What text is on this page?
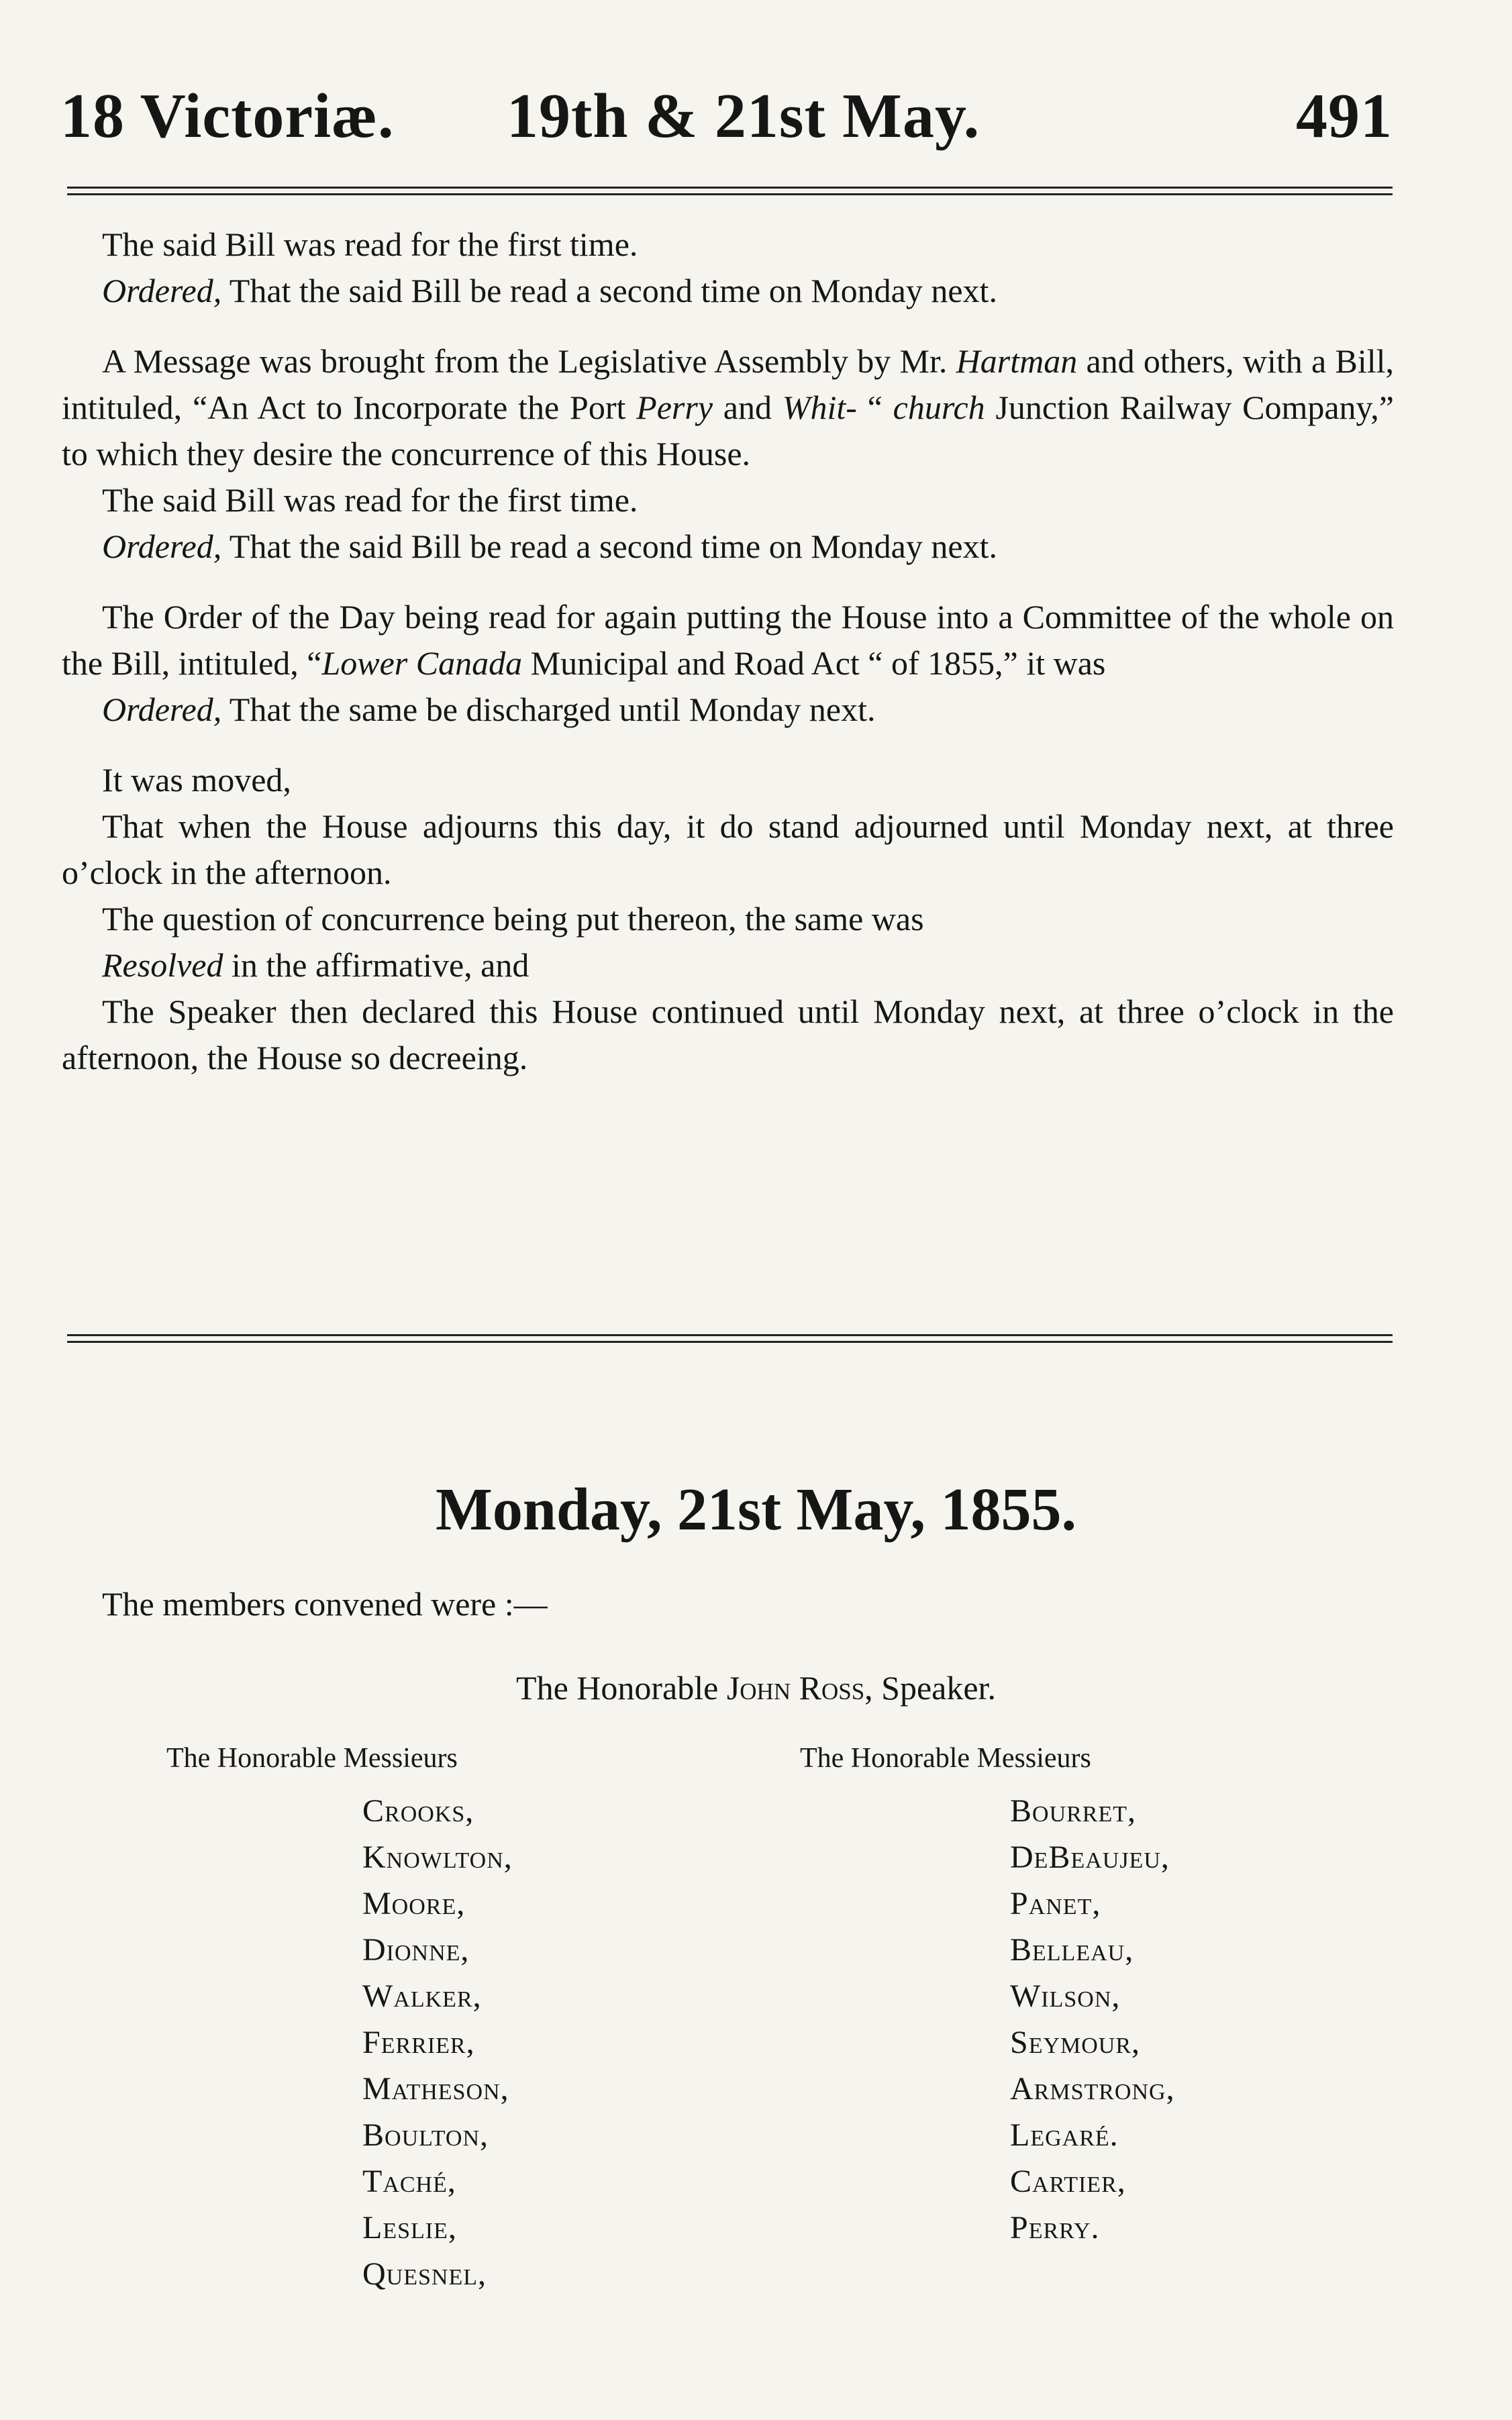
18 Victoriæ. 19th & 21st May.	491

The said Bill was read for the first time.

Ordered, That the said Bill be read a second time on Monday next.

A Message was brought from the Legislative Assembly by Mr. Hartman and others, with a Bill, intituled, “An Act to Incorporate the Port Perry and Whit- “ church Junction Railway Company,” to which they desire the concurrence of this House.

The said Bill was read for the first time.

Ordered, That the said Bill be read a second time on Monday next.

The Order of the Day being read for again putting the House into a Committee of the whole on the Bill, intituled, “Lower Canada Municipal and Road Act “ of 1855,” it was

Ordered, That the same be discharged until Monday next.

It was moved,

That when the House adjourns this day, it do stand adjourned until Monday next, at three o’clock in the afternoon.

The question of concurrence being put thereon, the same was

Resolved in the affirmative, and

The Speaker then declared this House continued until Monday next, at three o’clock in the afternoon, the House so decreeing.

Monday, 21st May, 1855.
The members convened were :—
The Honorable John Ross, Speaker.
The Honorable Messieurs	The Honorable Messieurs
Crooks,
Knowlton,
Moore,
Dionne,
Walker,
Ferrier,
Matheson,
Boulton,
Taché,
Leslie,
Quesnel,
Bourret,
DeBeaujeu,
Panet,
Belleau,
Wilson,
Seymour,
Armstrong,
Legaré.
Cartier,
Perry.
